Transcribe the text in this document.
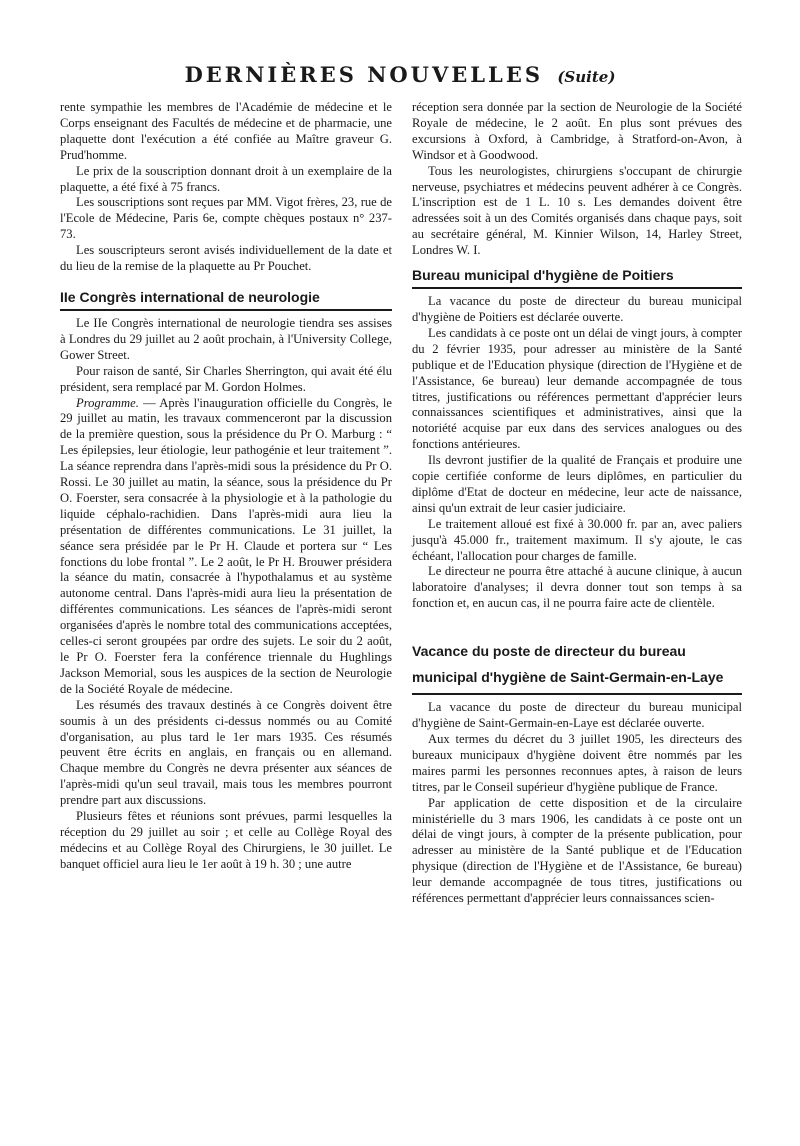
DERNIÈRES NOUVELLES (Suite)

rente sympathie les membres de l'Académie de médecine et le Corps enseignant des Facultés de médecine et de pharmacie, une plaquette dont l'exécution a été confiée au Maître graveur G. Prud'homme.

Le prix de la souscription donnant droit à un exemplaire de la plaquette, a été fixé à 75 francs.

Les souscriptions sont reçues par MM. Vigot frères, 23, rue de l'Ecole de Médecine, Paris 6e, compte chèques postaux n° 237-73.

Les souscripteurs seront avisés individuellement de la date et du lieu de la remise de la plaquette au Pr Pouchet.

IIe Congrès international de neurologie

Le IIe Congrès international de neurologie tiendra ses assises à Londres du 29 juillet au 2 août prochain, à l'University College, Gower Street.

Pour raison de santé, Sir Charles Sherrington, qui avait été élu président, sera remplacé par M. Gordon Holmes.

Programme. — Après l'inauguration officielle du Congrès, le 29 juillet au matin, les travaux commenceront par la discussion de la première question, sous la présidence du Pr O. Marburg : “ Les épilepsies, leur étiologie, leur pathogénie et leur traitement ”. La séance reprendra dans l'après-midi sous la présidence du Pr O. Rossi. Le 30 juillet au matin, la séance, sous la présidence du Pr O. Foerster, sera consacrée à la physiologie et à la pathologie du liquide céphalo-rachidien. Dans l'après-midi aura lieu la présentation de différentes communications. Le 31 juillet, la séance sera présidée par le Pr H. Claude et portera sur “ Les fonctions du lobe frontal ”. Le 2 août, le Pr H. Brouwer présidera la séance du matin, consacrée à l'hypothalamus et au système autonome central. Dans l'après-midi aura lieu la présentation de différentes communications. Les séances de l'après-midi seront organisées d'après le nombre total des communications acceptées, celles-ci seront groupées par ordre des sujets. Le soir du 2 août, le Pr O. Foerster fera la conférence triennale du Hughlings Jackson Memorial, sous les auspices de la section de Neurologie de la Société Royale de médecine.

Les résumés des travaux destinés à ce Congrès doivent être soumis à un des présidents ci-dessus nommés ou au Comité d'organisation, au plus tard le 1er mars 1935. Ces résumés peuvent être écrits en anglais, en français ou en allemand. Chaque membre du Congrès ne devra présenter aux séances de l'après-midi qu'un seul travail, mais tous les membres pourront prendre part aux discussions.

Plusieurs fêtes et réunions sont prévues, parmi lesquelles la réception du 29 juillet au soir ; et celle au Collège Royal des médecins et au Collège Royal des Chirurgiens, le 30 juillet. Le banquet officiel aura lieu le 1er août à 19 h. 30 ; une autre

réception sera donnée par la section de Neurologie de la Société Royale de médecine, le 2 août. En plus sont prévues des excursions à Oxford, à Cambridge, à Stratford-on-Avon, à Windsor et à Goodwood.

Tous les neurologistes, chirurgiens s'occupant de chirurgie nerveuse, psychiatres et médecins peuvent adhérer à ce Congrès. L'inscription est de 1 L. 10 s. Les demandes doivent être adressées soit à un des Comités organisés dans chaque pays, soit au secrétaire général, M. Kinnier Wilson, 14, Harley Street, Londres W. I.

Bureau municipal d'hygiène de Poitiers

La vacance du poste de directeur du bureau municipal d'hygiène de Poitiers est déclarée ouverte.

Les candidats à ce poste ont un délai de vingt jours, à compter du 2 février 1935, pour adresser au ministère de la Santé publique et de l'Education physique (direction de l'Hygiène et de l'Assistance, 6e bureau) leur demande accompagnée de tous titres, justifications ou références permettant d'apprécier leurs connaissances scientifiques et administratives, ainsi que la notoriété acquise par eux dans des services analogues ou des fonctions antérieures.

Ils devront justifier de la qualité de Français et produire une copie certifiée conforme de leurs diplômes, en particulier du diplôme d'Etat de docteur en médecine, leur acte de naissance, ainsi qu'un extrait de leur casier judiciaire.

Le traitement alloué est fixé à 30.000 fr. par an, avec paliers jusqu'à 45.000 fr., traitement maximum. Il s'y ajoute, le cas échéant, l'allocation pour charges de famille.

Le directeur ne pourra être attaché à aucune clinique, à aucun laboratoire d'analyses; il devra donner tout son temps à sa fonction et, en aucun cas, il ne pourra faire acte de clientèle.

Vacance du poste de directeur du bureau municipal d'hygiène de Saint-Germain-en-Laye

La vacance du poste de directeur du bureau municipal d'hygiène de Saint-Germain-en-Laye est déclarée ouverte.

Aux termes du décret du 3 juillet 1905, les directeurs des bureaux municipaux d'hygiène doivent être nommés par les maires parmi les personnes reconnues aptes, à raison de leurs titres, par le Conseil supérieur d'hygiène publique de France.

Par application de cette disposition et de la circulaire ministérielle du 3 mars 1906, les candidats à ce poste ont un délai de vingt jours, à compter de la présente publication, pour adresser au ministère de la Santé publique et de l'Education physique (direction de l'Hygiène et de l'Assistance, 6e bureau) leur demande accompagnée de tous titres, justifications ou références permettant d'apprécier leurs connaissances scien-
